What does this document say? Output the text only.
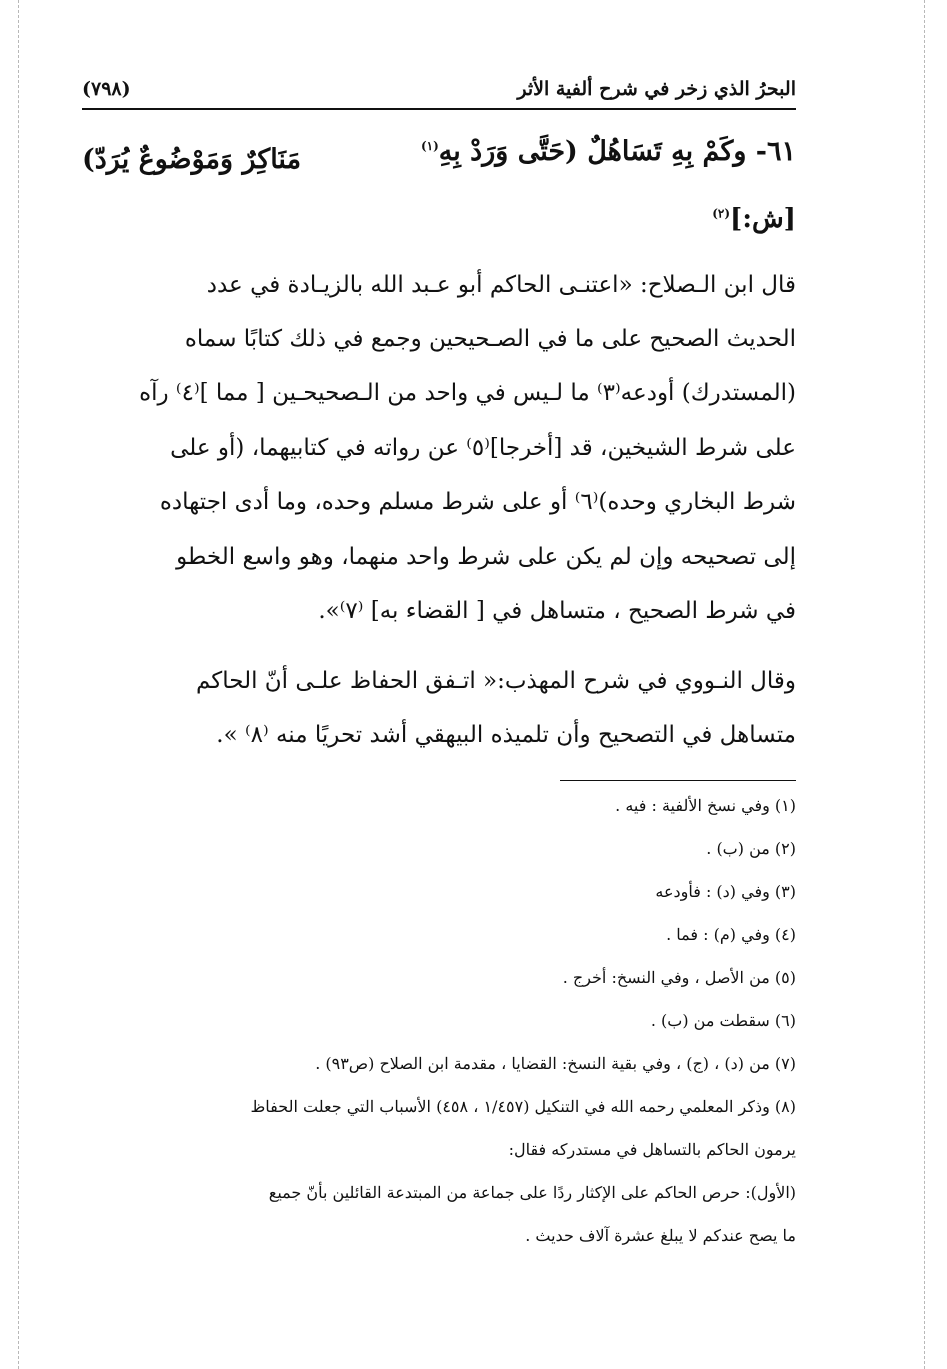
البحرُ الذي زخر في شرح ألفية الأثر
(٧٩٨)
٦١- وكَمْ بِهِ تَسَاهُلٌ (حَتَّى وَرَدْ بِهِ$^{(١)}$
مَنَاكِرٌ وَمَوْضُوعٌ يُرَدّ)
[ش:]$^{(٢)}$
قال ابن الـصلاح: «اعتنـى الحاكم أبو عـبد الله بالزيـادة في عدد
الحديث الصحيح على ما في الصـحيحين وجمع في ذلك كتابًا سماه
(المستدرك) أودعه⁽٣⁾ ما لـيس في واحد من الـصحيحـين [ مما ]⁽٤⁾ رآه
على شرط الشيخين، قد [أخرجا]⁽٥⁾ عن رواته في كتابيهما، (أو على
شرط البخاري وحده)⁽٦⁾ أو على شرط مسلم وحده، وما أدى اجتهاده
إلى تصحيحه وإن لم يكن على شرط واحد منهما، وهو واسع الخطو
في شرط الصحيح ، متساهل في [ القضاء به] ⁽٧⁾».
وقال النـووي في شرح المهذب:« اتـفق الحفاظ علـى أنّ الحاكم
متساهل في التصحيح وأن تلميذه البيهقي أشد تحريًا منه ⁽٨⁾ ».
(١) وفي نسخ الألفية : فيه .
(٢) من (ب) .
(٣) وفي (د) : فأودعه
(٤) وفي (م) : فما .
(٥) من الأصل ، وفي النسخ: أخرج .
(٦) سقطت من (ب) .
(٧) من (د) ، (ج) ، وفي بقية النسخ: القضايا ، مقدمة ابن الصلاح (ص٩٣) .
(٨) وذكر المعلمي رحمه الله في التنكيل (١/٤٥٧ ، ٤٥٨) الأسباب التي جعلت الحفاظ
يرمون الحاكم بالتساهل في مستدركه فقال:
(الأول): حرص الحاكم على الإكثار ردًا على جماعة من المبتدعة القائلين بأنّ جميع
ما يصح عندكم لا يبلغ عشرة آلاف حديث .
